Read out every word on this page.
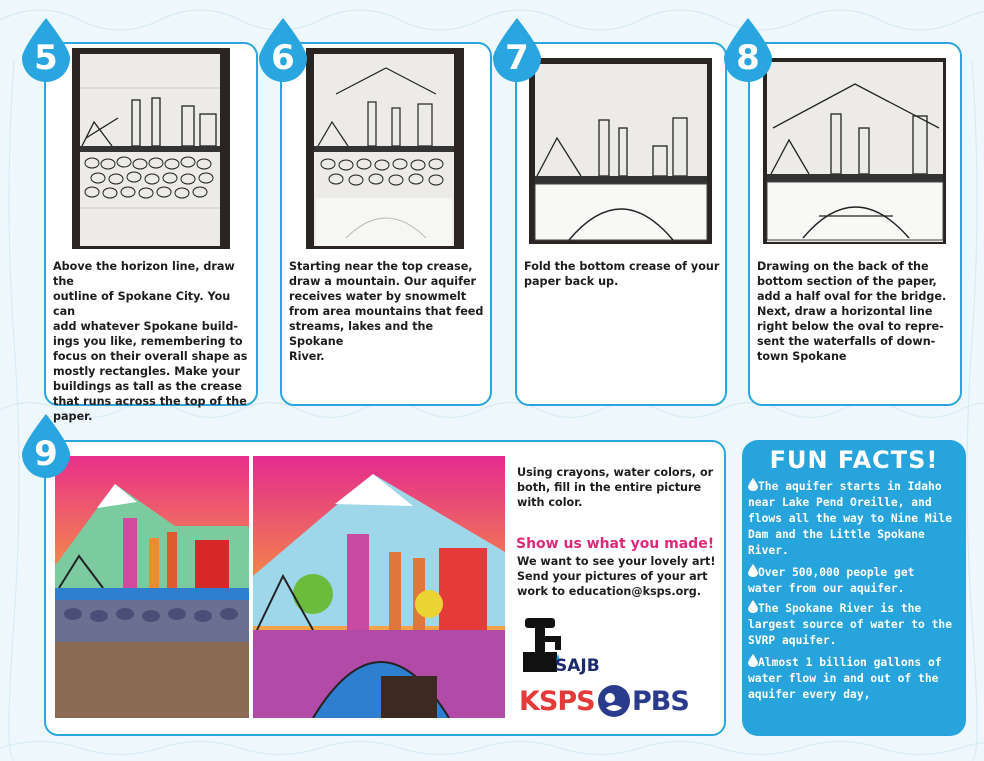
5
Above the horizon line, draw the
outline of Spokane City. You can
add whatever Spokane build-
ings you like, remembering to
focus on their overall shape as
mostly rectangles. Make your
buildings as tall as the crease
that runs across the top of the
paper.
6
Starting near the top crease,
draw a mountain. Our aquifer
receives water by snowmelt
from area mountains that feed
streams, lakes and the Spokane
River.
7
Fold the bottom crease of your
paper back up.
8
Drawing on the back of the
bottom section of the paper,
add a half oval for the bridge.
Next, draw a horizontal line
right below the oval to repre-
sent the waterfalls of down-
town Spokane
9	Using crayons, water colors, or
both, fill in the entire picture
with color.
Show us what you made!
We want to see your lovely art!
Send your pictures of your art
work to education@ksps.org.
SAJB
KSPS PBS
FUN FACTS!
The aquifer starts in Idaho
near Lake Pend Oreille, and
flows all the way to Nine Mile
Dam and the Little Spokane
River.
Over 500,000 people get
water from our aquifer.
The Spokane River is the
largest source of water to the
SVRP aquifer.
Almost 1 billion gallons of
water flow in and out of the
aquifer every day,
